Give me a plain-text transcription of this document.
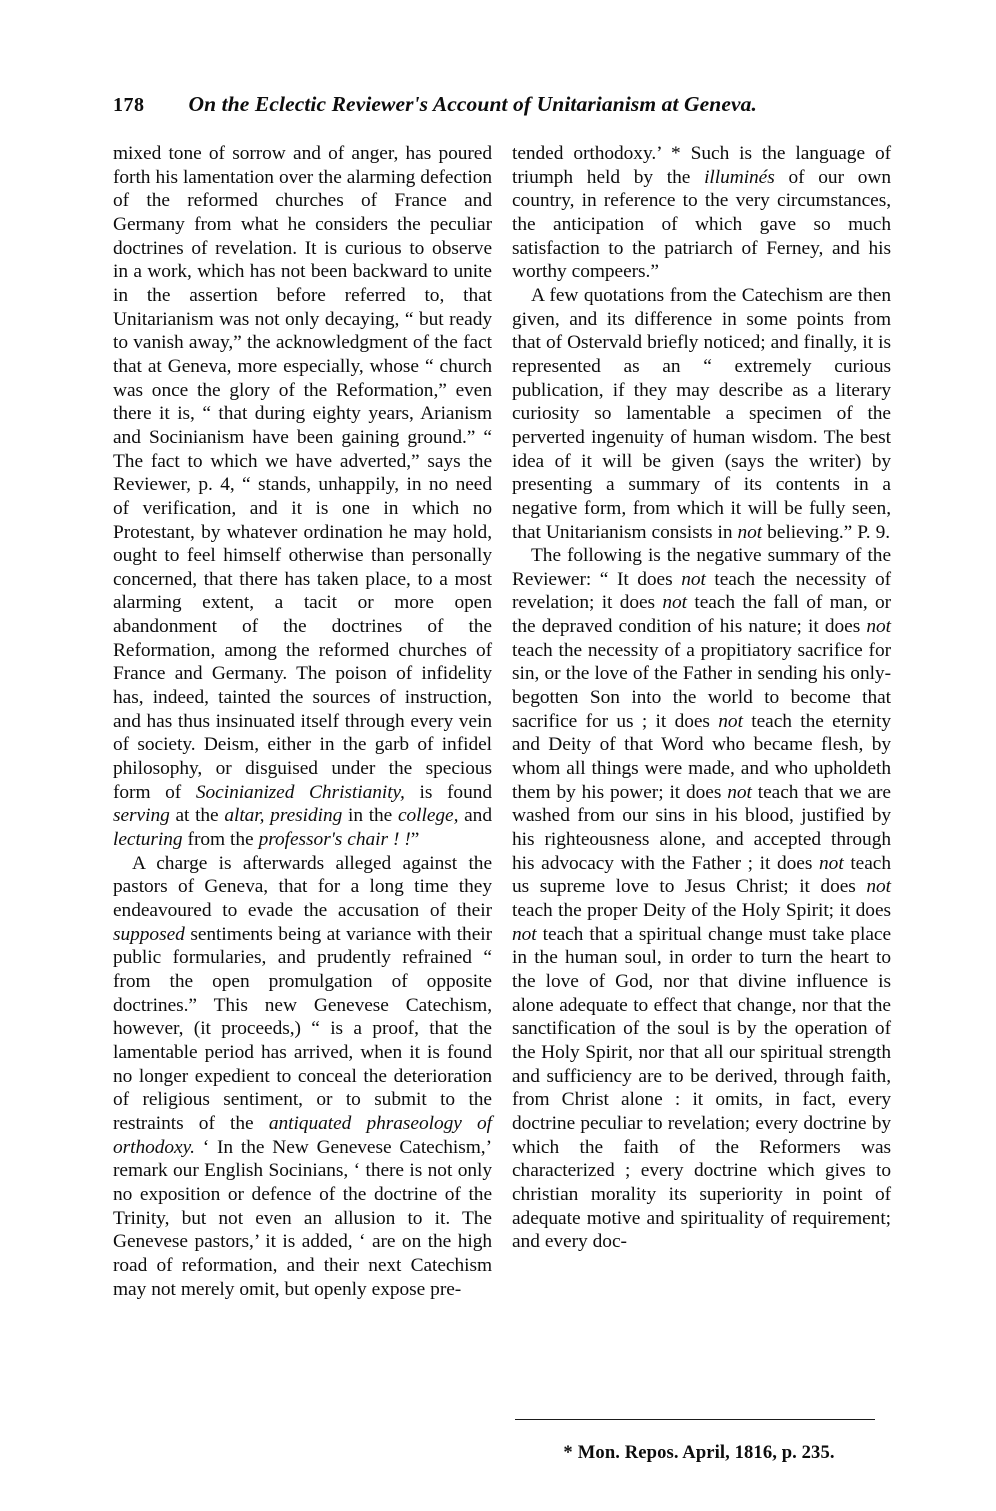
178 On the Eclectic Reviewer's Account of Unitarianism at Geneva.

mixed tone of sorrow and of anger, has poured forth his lamentation over the alarming defection of the reformed churches of France and Germany from what he considers the peculiar doctrines of revelation. It is curious to observe in a work, which has not been backward to unite in the assertion before referred to, that Unitarianism was not only decaying, “ but ready to vanish away,” the acknowledgment of the fact that at Geneva, more especially, whose “ church was once the glory of the Reformation,” even there it is, “ that during eighty years, Arianism and Socinianism have been gaining ground.” “ The fact to which we have adverted,” says the Reviewer, p. 4, “ stands, unhappily, in no need of verification, and it is one in which no Protestant, by whatever ordination he may hold, ought to feel himself otherwise than personally concerned, that there has taken place, to a most alarming extent, a tacit or more open abandonment of the doctrines of the Reformation, among the reformed churches of France and Germany. The poison of infidelity has, indeed, tainted the sources of instruction, and has thus insinuated itself through every vein of society. Deism, either in the garb of infidel philosophy, or disguised under the specious form of Socinianized Christianity, is found serving at the altar, presiding in the college, and lecturing from the professor's chair ! !”

A charge is afterwards alleged against the pastors of Geneva, that for a long time they endeavoured to evade the accusation of their supposed sentiments being at variance with their public formularies, and prudently refrained “ from the open promulgation of opposite doctrines.” This new Genevese Catechism, however, (it proceeds,) “ is a proof, that the lamentable period has arrived, when it is found no longer expedient to conceal the deterioration of religious sentiment, or to submit to the restraints of the antiquated phraseology of orthodoxy. ‘ In the New Genevese Catechism,’ remark our English Socinians, ‘ there is not only no exposition or defence of the doctrine of the Trinity, but not even an allusion to it. The Genevese pastors,’ it is added, ‘ are on the high road of reformation, and their next Catechism may not merely omit, but openly expose pre-

tended orthodoxy.’ * Such is the language of triumph held by the illuminés of our own country, in reference to the very circumstances, the anticipation of which gave so much satisfaction to the patriarch of Ferney, and his worthy compeers.”

A few quotations from the Catechism are then given, and its difference in some points from that of Ostervald briefly noticed; and finally, it is represented as an “ extremely curious publication, if they may describe as a literary curiosity so lamentable a specimen of the perverted ingenuity of human wisdom. The best idea of it will be given (says the writer) by presenting a summary of its contents in a negative form, from which it will be fully seen, that Unitarianism consists in not believing.” P. 9.

The following is the negative summary of the Reviewer: “ It does not teach the necessity of revelation; it does not teach the fall of man, or the depraved condition of his nature; it does not teach the necessity of a propitiatory sacrifice for sin, or the love of the Father in sending his only-begotten Son into the world to become that sacrifice for us ; it does not teach the eternity and Deity of that Word who became flesh, by whom all things were made, and who upholdeth them by his power; it does not teach that we are washed from our sins in his blood, justified by his righteousness alone, and accepted through his advocacy with the Father ; it does not teach us supreme love to Jesus Christ; it does not teach the proper Deity of the Holy Spirit; it does not teach that a spiritual change must take place in the human soul, in order to turn the heart to the love of God, nor that divine influence is alone adequate to effect that change, nor that the sanctification of the soul is by the operation of the Holy Spirit, nor that all our spiritual strength and sufficiency are to be derived, through faith, from Christ alone : it omits, in fact, every doctrine peculiar to revelation; every doctrine by which the faith of the Reformers was characterized ; every doctrine which gives to christian morality its superiority in point of adequate motive and spirituality of requirement; and every doc-

* Mon. Repos. April, 1816, p. 235.
